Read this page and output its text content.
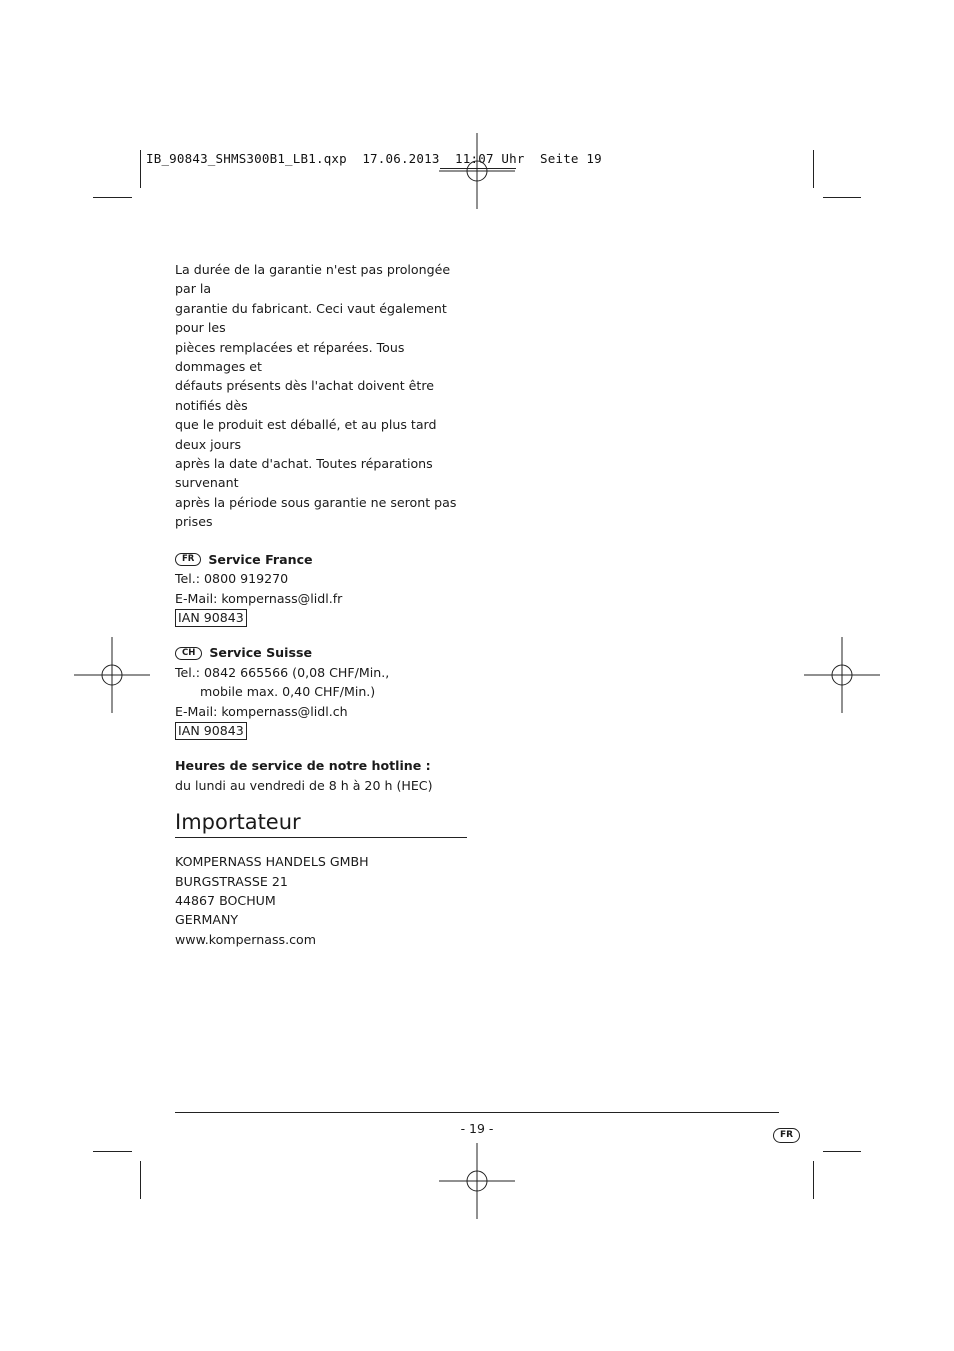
IB_90843_SHMS300B1_LB1.qxp 17.06.2013 11:07 Uhr Seite 19

La durée de la garantie n'est pas prolongée par la
garantie du fabricant. Ceci vaut également pour les
pièces remplacées et réparées. Tous dommages et
défauts présents dès l'achat doivent être notifiés dès
que le produit est déballé, et au plus tard deux jours
après la date d'achat. Toutes réparations survenant
après la période sous garantie ne seront pas prises

FR	Service France

Tel.: 0800 919270

E-Mail: kompernass@lidl.fr

IAN 90843

CH	Service Suisse

Tel.: 0842 665566 (0,08 CHF/Min.,

mobile max. 0,40 CHF/Min.)

E-Mail: kompernass@lidl.ch

IAN 90843

Heures de service de notre hotline :

du lundi au vendredi de 8 h à 20 h (HEC)

Importateur

KOMPERNASS HANDELS GMBH

BURGSTRASSE 21

44867 BOCHUM

GERMANY

www.kompernass.com

- 19 -	FR
